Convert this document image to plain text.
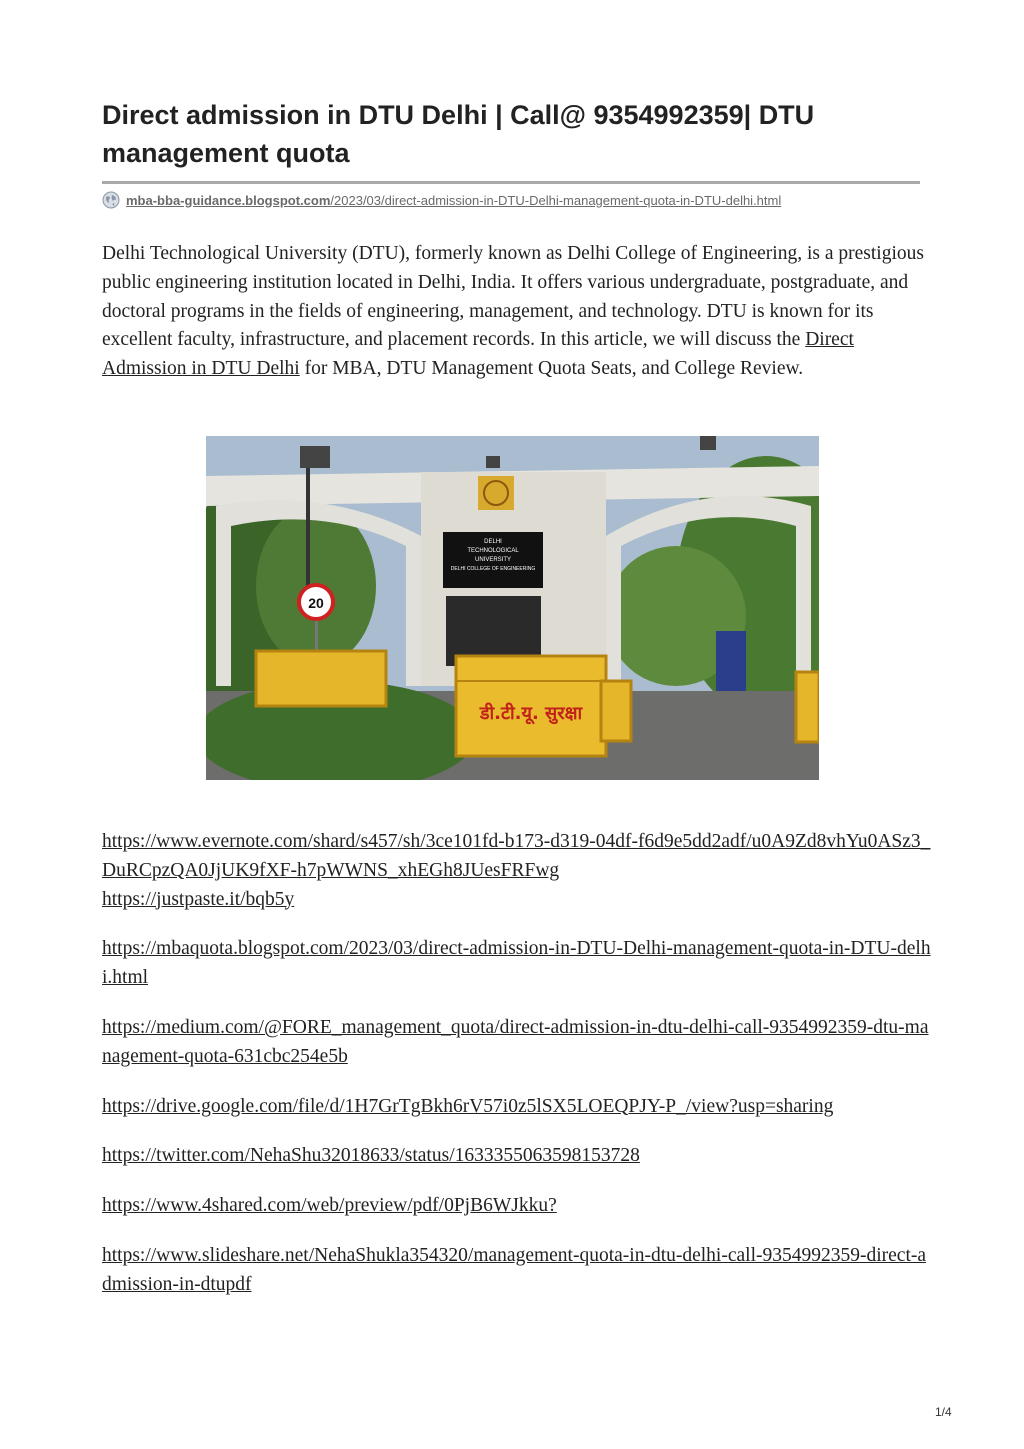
Direct admission in DTU Delhi | Call@ 9354992359| DTU management quota
mba-bba-guidance.blogspot.com /2023/03/direct-admission-in-DTU-Delhi-management-quota-in-DTU-delhi.html

Delhi Technological University (DTU), formerly known as Delhi College of Engineering, is a prestigious public engineering institution located in Delhi, India. It offers various undergraduate, postgraduate, and doctoral programs in the fields of engineering, management, and technology. DTU is known for its excellent faculty, infrastructure, and placement records. In this article, we will discuss the Direct Admission in DTU Delhi for MBA, DTU Management Quota Seats, and College Review.

DELHI
TECHNOLOGICAL
UNIVERSITY
DELHI COLLEGE OF ENGINEERING
20
डी.टी.यू. सुरक्षा
https://www.evernote.com/shard/s457/sh/3ce101fd-b173-d319-04df-f6d9e5dd2adf/u0A9Zd8vhYu0ASz3_DuRCpzQA0JjUK9fXF-h7pWWNS_xhEGh8JUesFRFwg
https://justpaste.it/bqb5y
https://mbaquota.blogspot.com/2023/03/direct-admission-in-DTU-Delhi-management-quota-in-DTU-delhi.html
https://medium.com/@FORE_management_quota/direct-admission-in-dtu-delhi-call-9354992359-dtu-management-quota-631cbc254e5b
https://drive.google.com/file/d/1H7GrTgBkh6rV57i0z5lSX5LOEQPJY-P_/view?usp=sharing
https://twitter.com/NehaShu32018633/status/1633355063598153728
https://www.4shared.com/web/preview/pdf/0PjB6WJkku?
https://www.slideshare.net/NehaShukla354320/management-quota-in-dtu-delhi-call-9354992359-direct-admission-in-dtupdf
1/4
